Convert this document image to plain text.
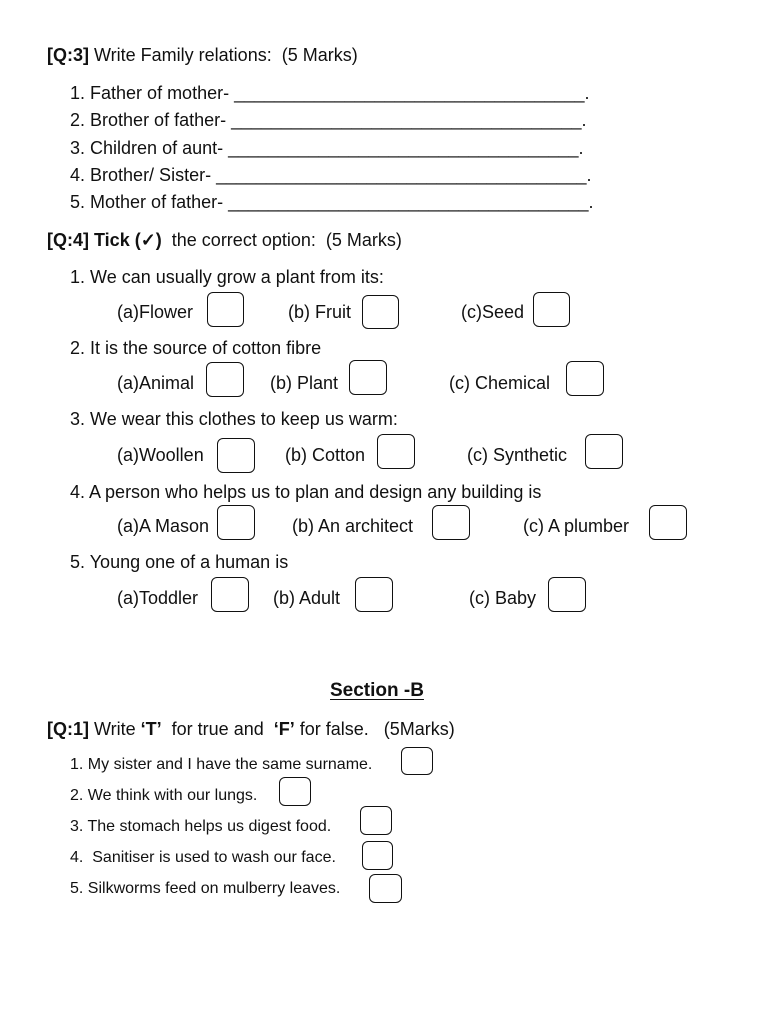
[Q:3] Write Family relations:  (5 Marks)
1. Father of mother- ___________________________________.
2. Brother of father- ___________________________________.
3. Children of aunt- ___________________________________.
4. Brother/ Sister- _____________________________________.
5. Mother of father- ____________________________________.
[Q:4] Tick (✓)  the correct option:  (5 Marks)
1. We can usually grow a plant from its:
(a)Flower	(b) Fruit	(c)Seed
2. It is the source of cotton fibre
(a)Animal	(b) Plant	(c) Chemical
3. We wear this clothes to keep us warm:
(a)Woollen	(b) Cotton	(c) Synthetic
4. A person who helps us to plan and design any building is
(a)A Mason	(b) An architect	(c) A plumber
5. Young one of a human is
(a)Toddler	(b) Adult	(c) Baby
Section -B
[Q:1] Write ‘T’  for true and  ‘F’ for false.   (5Marks)
1. My sister and I have the same surname.
2. We think with our lungs.
3. The stomach helps us digest food.
4.  Sanitiser is used to wash our face.
5. Silkworms feed on mulberry leaves.
